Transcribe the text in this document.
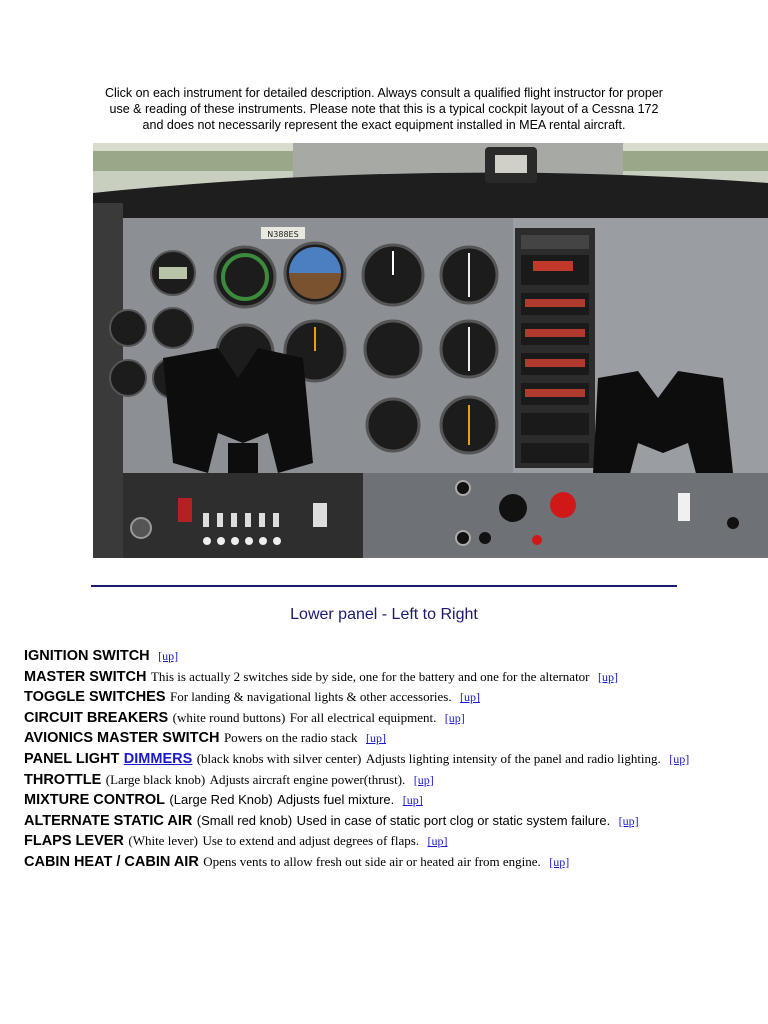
Click on each instrument for detailed description. Always consult a qualified flight instructor for proper
use & reading of these instruments. Please note that this is a typical cockpit layout of a Cessna 172
and does not necessarily represent the exact equipment installed in MEA rental aircraft.
N388ES
Lower panel - Left to Right
IGNITION SWITCH [up]
MASTER SWITCH This is actually 2 switches side by side, one for the battery and one for the alternator [up]
TOGGLE SWITCHES For landing & navigational lights & other accessories. [up]
CIRCUIT BREAKERS (white round buttons) For all electrical equipment. [up]
AVIONICS MASTER SWITCH Powers on the radio stack [up]
PANEL LIGHT DIMMERS (black knobs with silver center) Adjusts lighting intensity of the panel and radio lighting. [up]
THROTTLE (Large black knob) Adjusts aircraft engine power(thrust). [up]
MIXTURE CONTROL (Large Red Knob) Adjusts fuel mixture. [up]
ALTERNATE STATIC AIR (Small red knob) Used in case of static port clog or static system failure. [up]
FLAPS LEVER (White lever) Use to extend and adjust degrees of flaps. [up]
CABIN HEAT / CABIN AIR Opens vents to allow fresh out side air or heated air from engine. [up]
